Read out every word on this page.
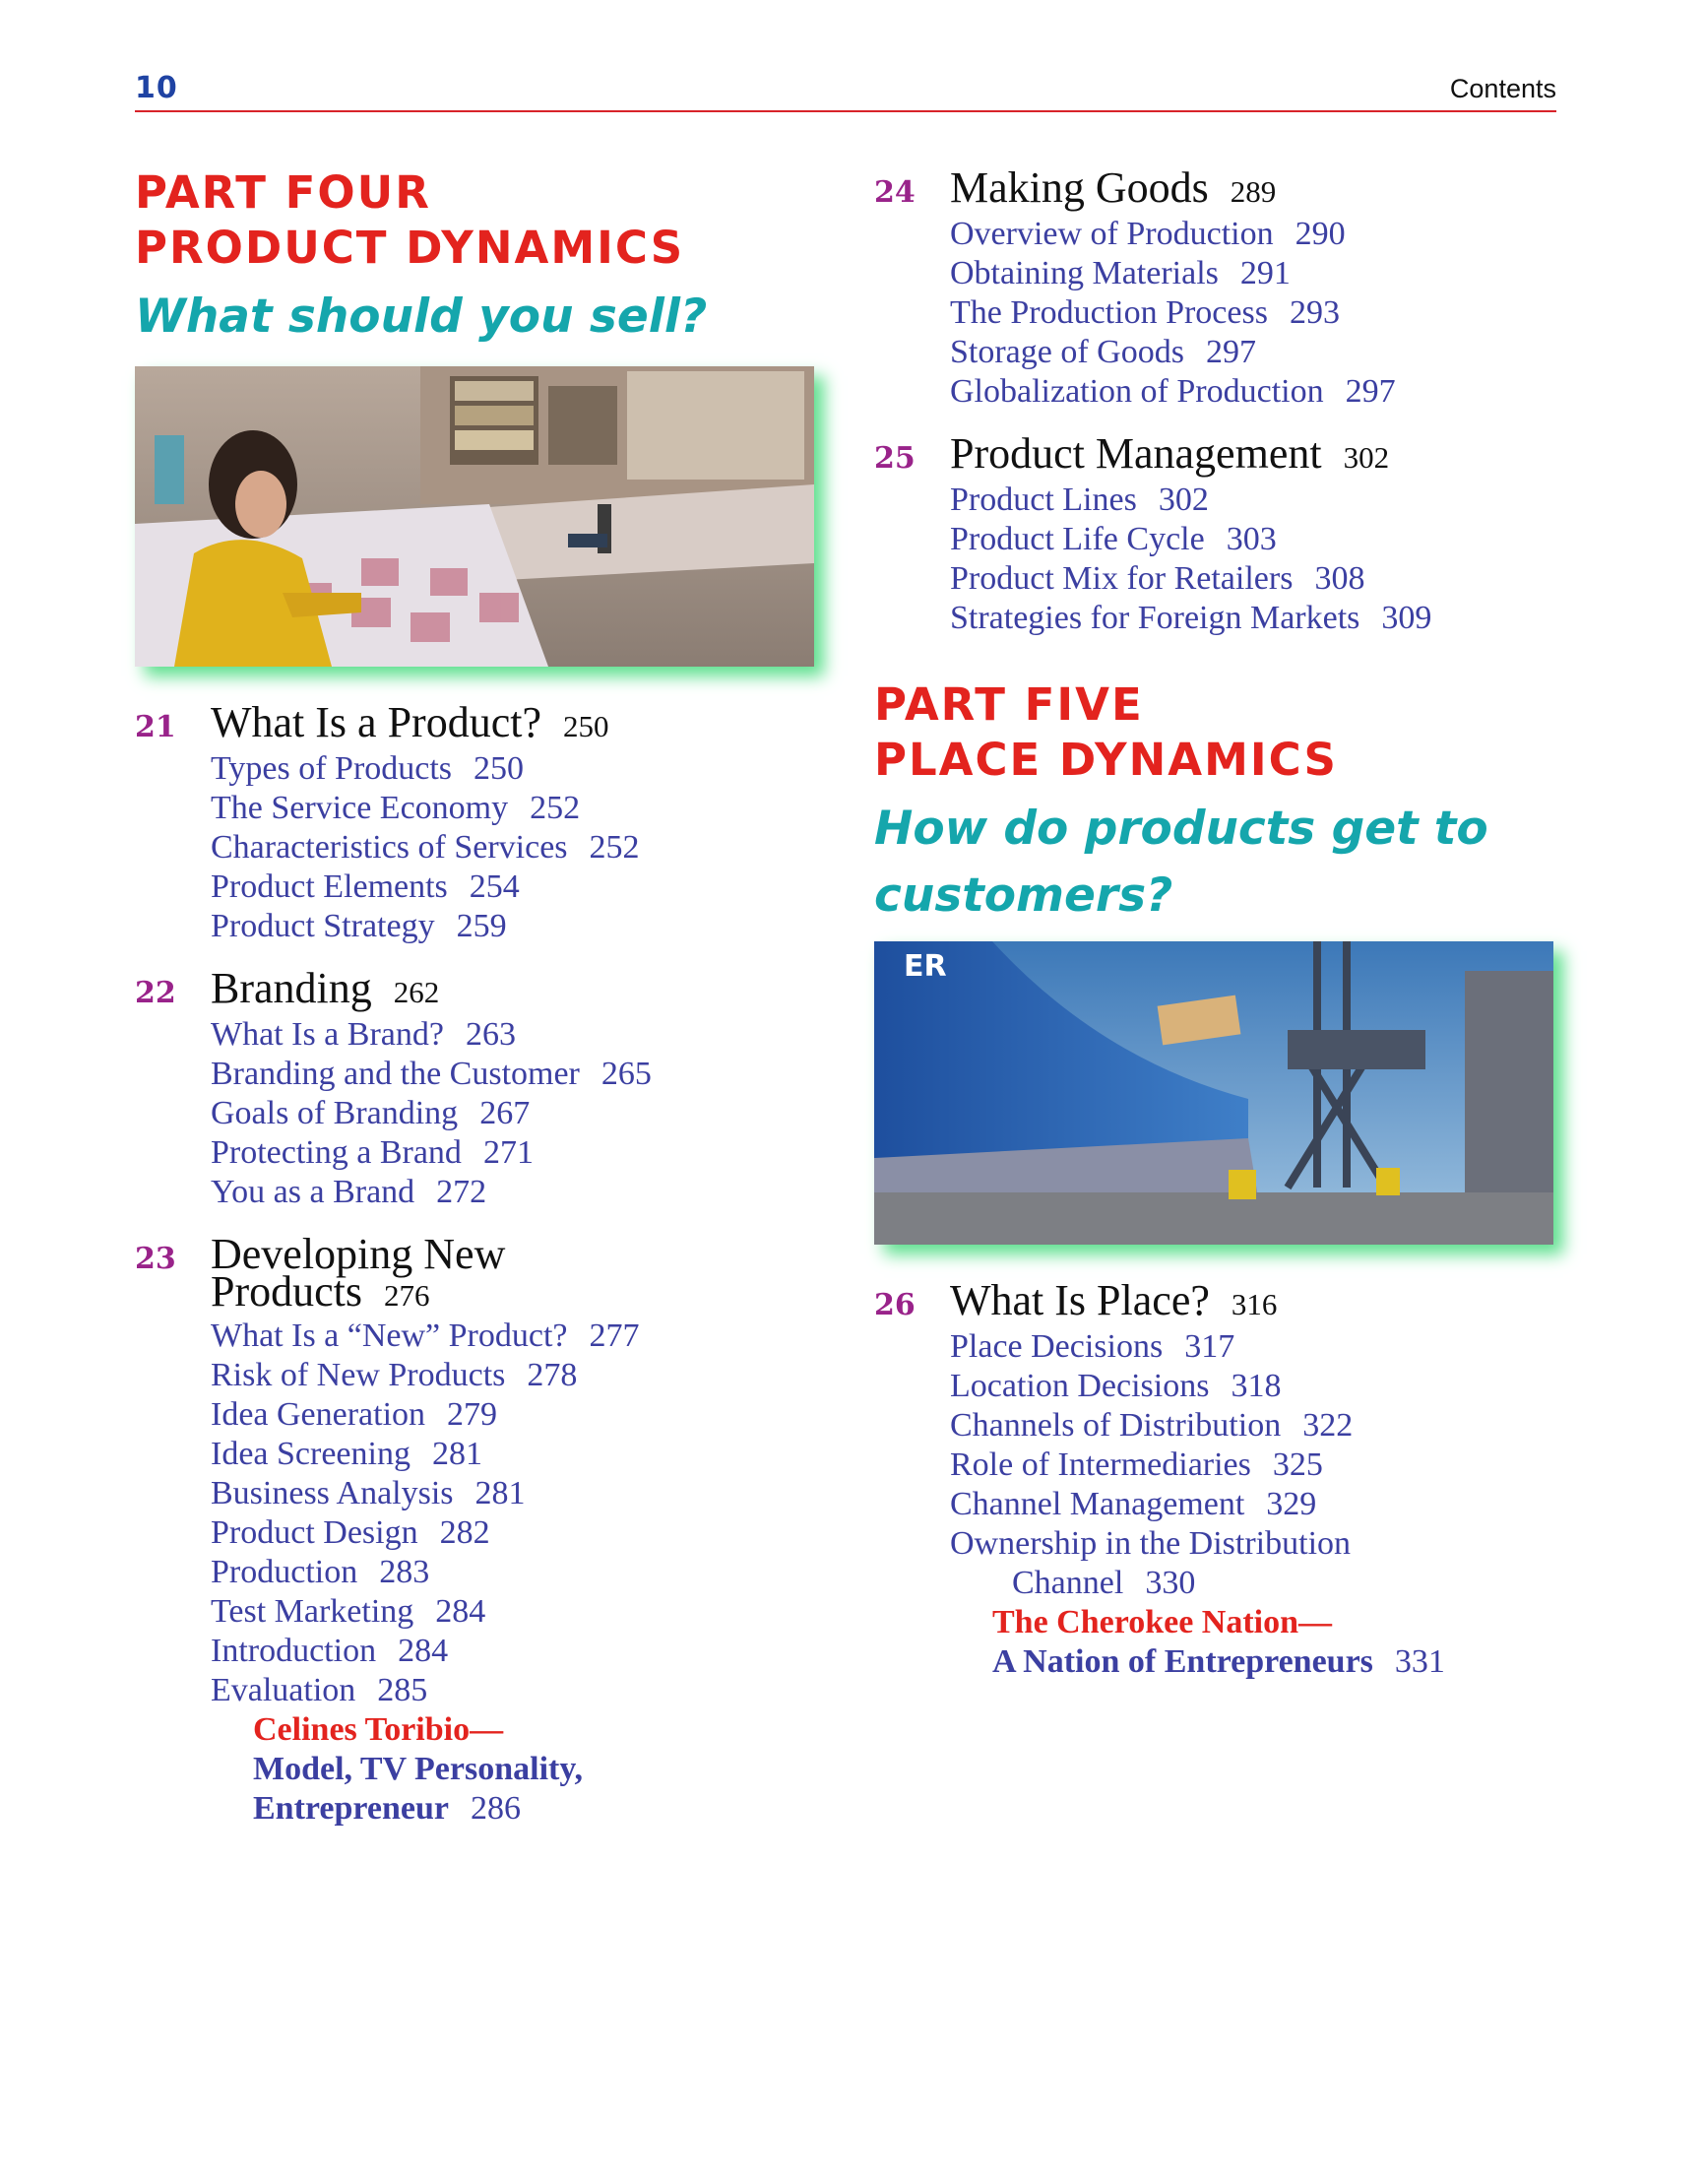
10	Contents

PART FOUR

PRODUCT DYNAMICS

What should you sell?

21 What Is a Product? 250

Types of Products 250
The Service Economy 252
Characteristics of Services 252
Product Elements 254
Product Strategy 259
22 Branding 262

What Is a Brand? 263
Branding and the Customer 265
Goals of Branding 267
Protecting a Brand 271
You as a Brand 272
23 Developing New
Products 276

What Is a “New” Product? 277
Risk of New Products 278
Idea Generation 279
Idea Screening 281
Business Analysis 281
Product Design 282
Production 283
Test Marketing 284
Introduction 284
Evaluation 285
Celines Toribio—
Model, TV Personality,
Entrepreneur 286
24 Making Goods 289

Overview of Production 290
Obtaining Materials 291
The Production Process 293
Storage of Goods 297
Globalization of Production 297
25 Product Management 302

Product Lines 302
Product Life Cycle 303
Product Mix for Retailers 308
Strategies for Foreign Markets 309

PART FIVE

PLACE DYNAMICS

How do products get to

customers?

ER
26 What Is Place? 316

Place Decisions 317
Location Decisions 318
Channels of Distribution 322
Role of Intermediaries 325
Channel Management 329
Ownership in the Distribution
Channel 330
The Cherokee Nation—
A Nation of Entrepreneurs 331
